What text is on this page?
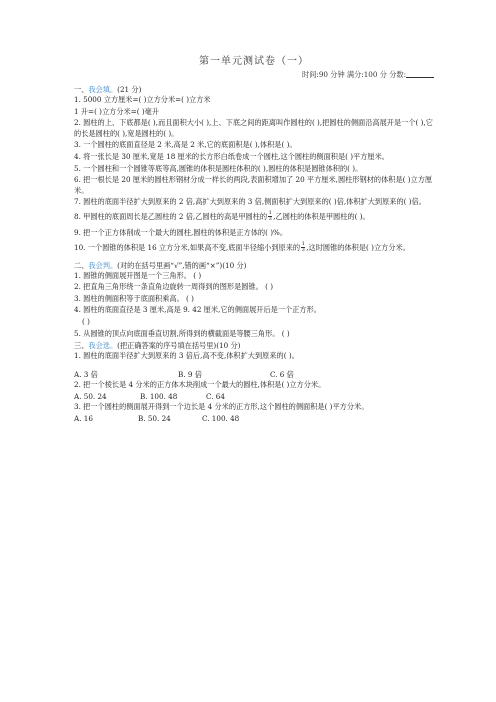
第一单元测试卷（一）
时间:90 分钟 满分:100 分 分数:
一、我会填。(21 分)
1. 5000 立方厘米=( )立方分米=( )立方米
1 升=( )立方分米=( )毫升
2. 圆柱的上、下底都是( ),而且面积大小( ),上、下底之间的距离叫作圆柱的( ),把圆柱的侧面沿高展开是一个( ),它的长是圆柱的( ),宽是圆柱的( )。
3. 一个圆柱的底面直径是 2 米,高是 2 米,它的底面积是( ),体积是( )。
4. 将一张长是 30 厘米,宽是 18 厘米的长方形白纸卷成一个圆柱,这个圆柱的侧面积是( )平方厘米。
5. 一个圆柱和一个圆锥等底等高,圆锥的体积是圆柱体积的( ),圆柱的体积是圆锥体积的( )。
6. 把一根长是 20 厘米的圆柱形钢材分成一样长的两段,表面积增加了 20 平方厘米,圆柱形钢材的体积是( )立方厘米。
7. 圆柱的底面半径扩大到原来的 2 倍,高扩大到原来的 3 倍,侧面积扩大到原来的( )倍,体积扩大到原来的( )倍。
8. 甲圆柱的底面周长是乙圆柱的 2 倍,乙圆柱的高是甲圆柱的 $\frac{1}{3}$ ,乙圆柱的体积是甲圆柱的( )。
9. 把一个正方体削成一个最大的圆柱,圆柱的体积是正方体的( )%。
10. 一个圆锥的体积是 16 立方分米,如果高不变,底面半径缩小到原来的 $\frac{1}{3}$ ,这时圆锥的体积是( )立方分米。
二、我会判。(对的在括号里画“√”,错的画“×”)(10 分)
1. 圆锥的侧面展开图是一个三角形。 ( )
2. 把直角三角形绕一条直角边旋转一周得到的图形是圆锥。 ( )
3. 圆柱的侧面积等于底面积乘高。 ( )
4. 圆柱的底面直径是 3 厘米,高是 9. 42 厘米,它的侧面展开后是一个正方形。
( )
5. 从圆锥的顶点向底面垂直切割,所得到的横截面是等腰三角形。 ( )
三、我会选。(把正确答案的序号填在括号里)(10 分)
1. 圆柱的底面半径扩大到原来的 3 倍后,高不变,体积扩大到原来的( )。
A. 3 倍	B. 9 倍	C. 6 倍
2. 把一个棱长是 4 分米的正方体木块削成一个最大的圆柱,体积是( )立方分米。
A. 50. 24	B. 100. 48	C. 64
3. 把一个圆柱的侧面展开得到一个边长是 4 分米的正方形,这个圆柱的侧面积是( )平方分米。
A. 16	B. 50. 24	C. 100. 48
